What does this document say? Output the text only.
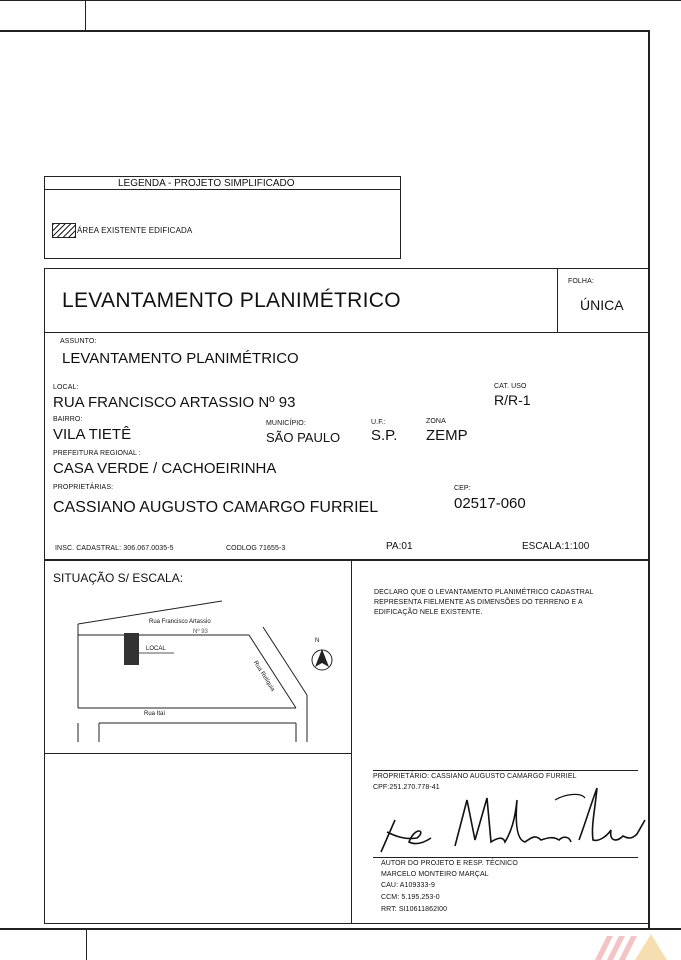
LEGENDA - PROJETO SIMPLIFICADO
ÁREA EXISTENTE EDIFICADA
LEVANTAMENTO PLANIMÉTRICO
FOLHA:
ÚNICA
ASSUNTO:
LEVANTAMENTO PLANIMÉTRICO
LOCAL:
RUA FRANCISCO ARTASSIO Nº 93
CAT. USO
R/R-1
BAIRRO:
VILA TIETÊ
MUNICÍPIO:
SÃO PAULO
U.F.:
S.P.
ZONA
ZEMP
PREFEITURA REGIONAL :
CASA VERDE / CACHOEIRINHA
PROPRIETÁRIAS:
CASSIANO AUGUSTO CAMARGO FURRIEL
CEP:
02517-060
INSC. CADASTRAL: 306.067.0035-5	CODLOG 71655-3	PA:01	ESCALA:1:100
SITUAÇÃO S/ ESCALA:
Rua Francisco Artassio
Nº 93
LOCAL
Rua Itaí
Rua Relíquia
N
DECLARO QUE O LEVANTAMENTO PLANIMÉTRICO CADASTRAL
REPRESENTA FIELMENTE AS DIMENSÕES DO TERRENO E A
EDIFICAÇÃO NELE EXISTENTE.
PROPRIETÁRIO: CASSIANO AUGUSTO CAMARGO FURRIEL
CPF:251.270.778-41
AUTOR DO PROJETO E RESP. TÉCNICO
MARCELO MONTEIRO MARÇAL
CAU: A109333-9
CCM: 5.195.253-0
RRT: SI10611862I00
